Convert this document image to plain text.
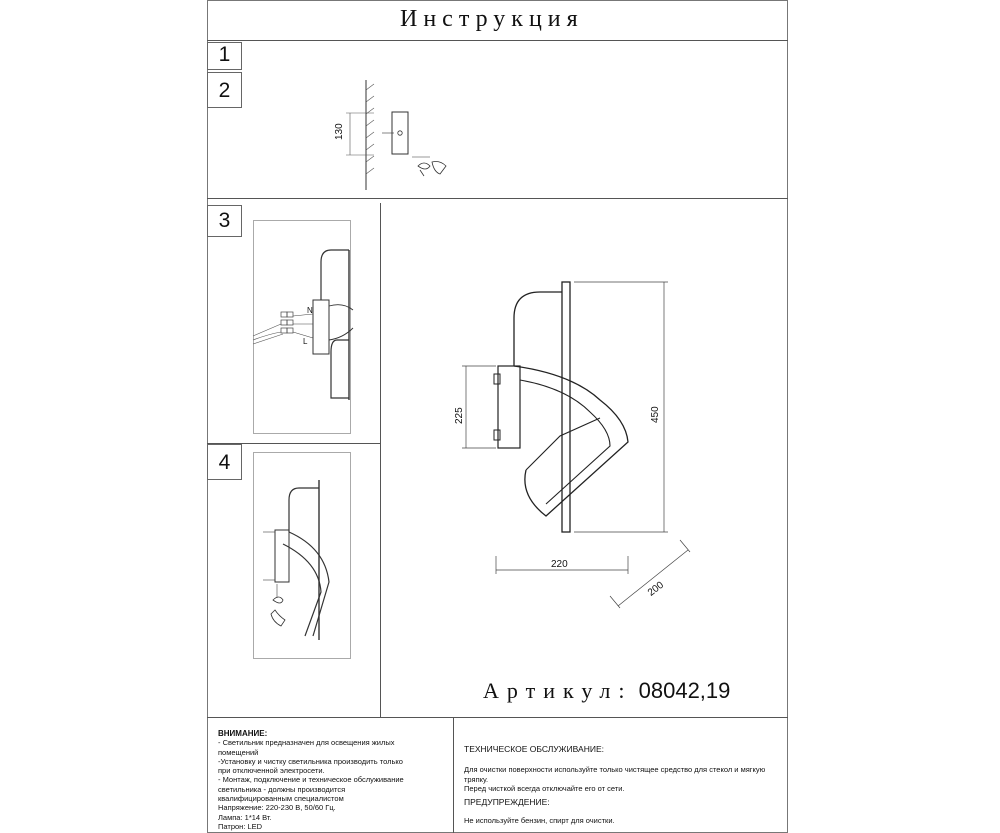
Инструкция
1
2
3
4
130
N
L
450
225
220
200
Артикул: 08042,19
ВНИМАНИЕ:
- Светильник предназначен для освещения жилых помещений
-Установку и чистку светильника производить только при отключенной электросети.
- Монтаж, подключение и техническое обслуживание светильника - должны производится квалифицированным специалистом
Напряжение: 220-230 В, 50/60 Гц.
Лампа: 1*14 Вт.
Патрон: LED
ТЕХНИЧЕСКОЕ ОБСЛУЖИВАНИЕ:
Для очистки поверхности используйте только чистящее средство для стекол и мягкую тряпку.
Перед чисткой всегда отключайте его от сети.
ПРЕДУПРЕЖДЕНИЕ:
Не используйте бензин, спирт для очистки.
